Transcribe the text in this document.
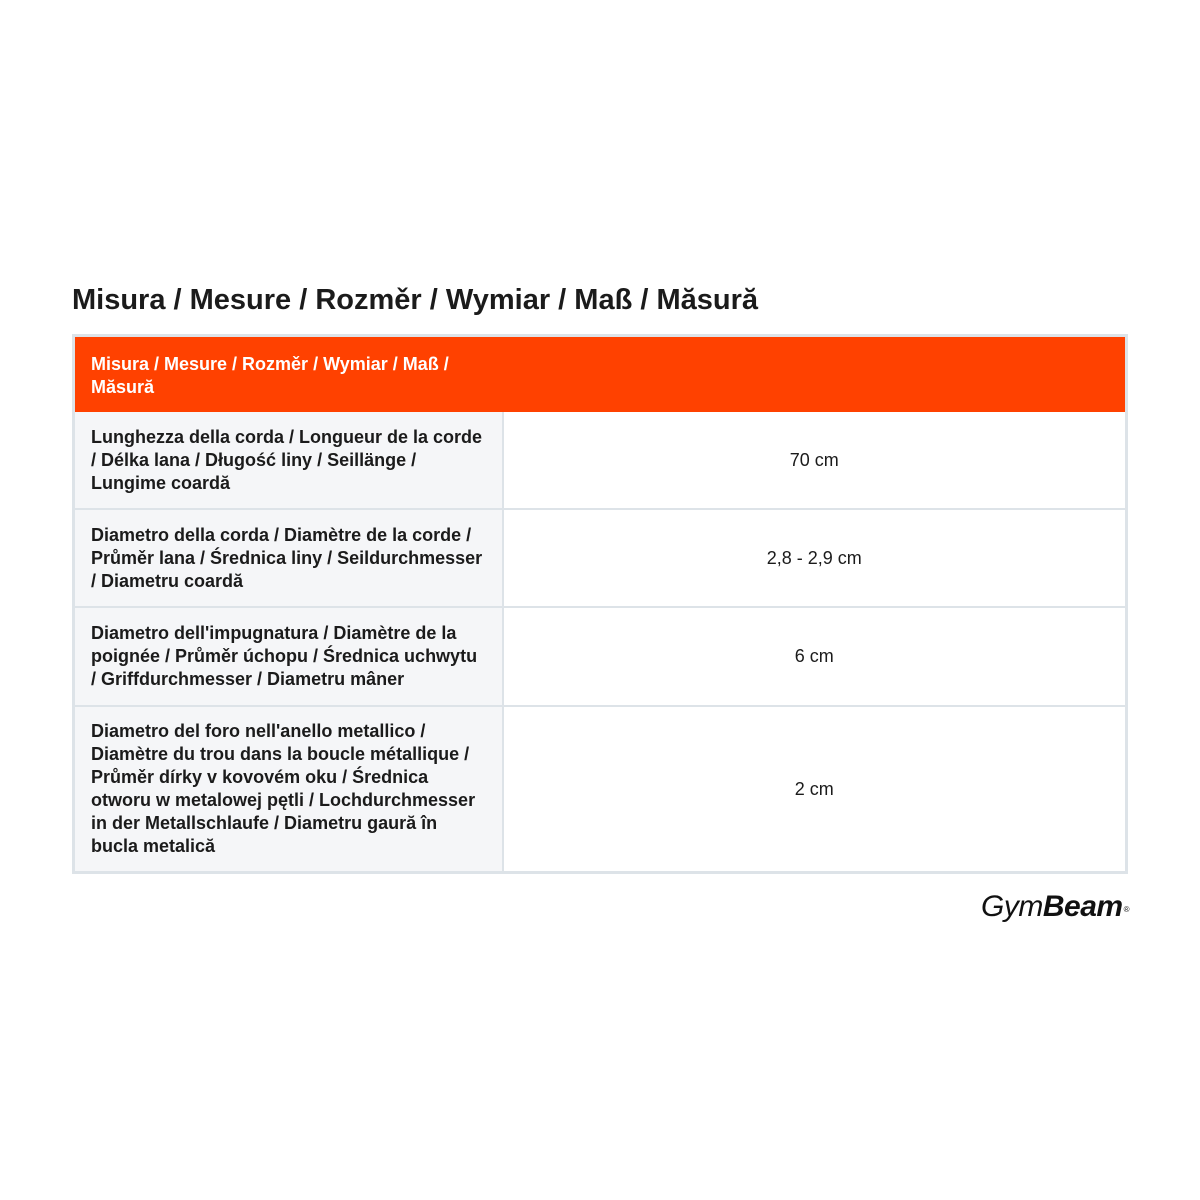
Misura / Mesure / Rozměr / Wymiar / Maß / Măsură
Misura / Mesure / Rozměr / Wymiar / Maß / Măsură	
Lunghezza della corda / Longueur de la corde / Délka lana / Długość liny / Seillänge / Lungime coardă	70 cm
Diametro della corda / Diamètre de la corde / Průměr lana / Średnica liny / Seildurchmesser / Diametru coardă	2,8 - 2,9 cm
Diametro dell'impugnatura / Diamètre de la poignée / Průměr úchopu / Średnica uchwytu / Griffdurchmesser / Diametru mâner	6 cm
Diametro del foro nell'anello metallico / Diamètre du trou dans la boucle métallique / Průměr dírky v kovovém oku / Średnica otworu w metalowej pętli / Lochdurchmesser in der Metallschlaufe / Diametru gaură în bucla metalică	2 cm
GymBeam®
